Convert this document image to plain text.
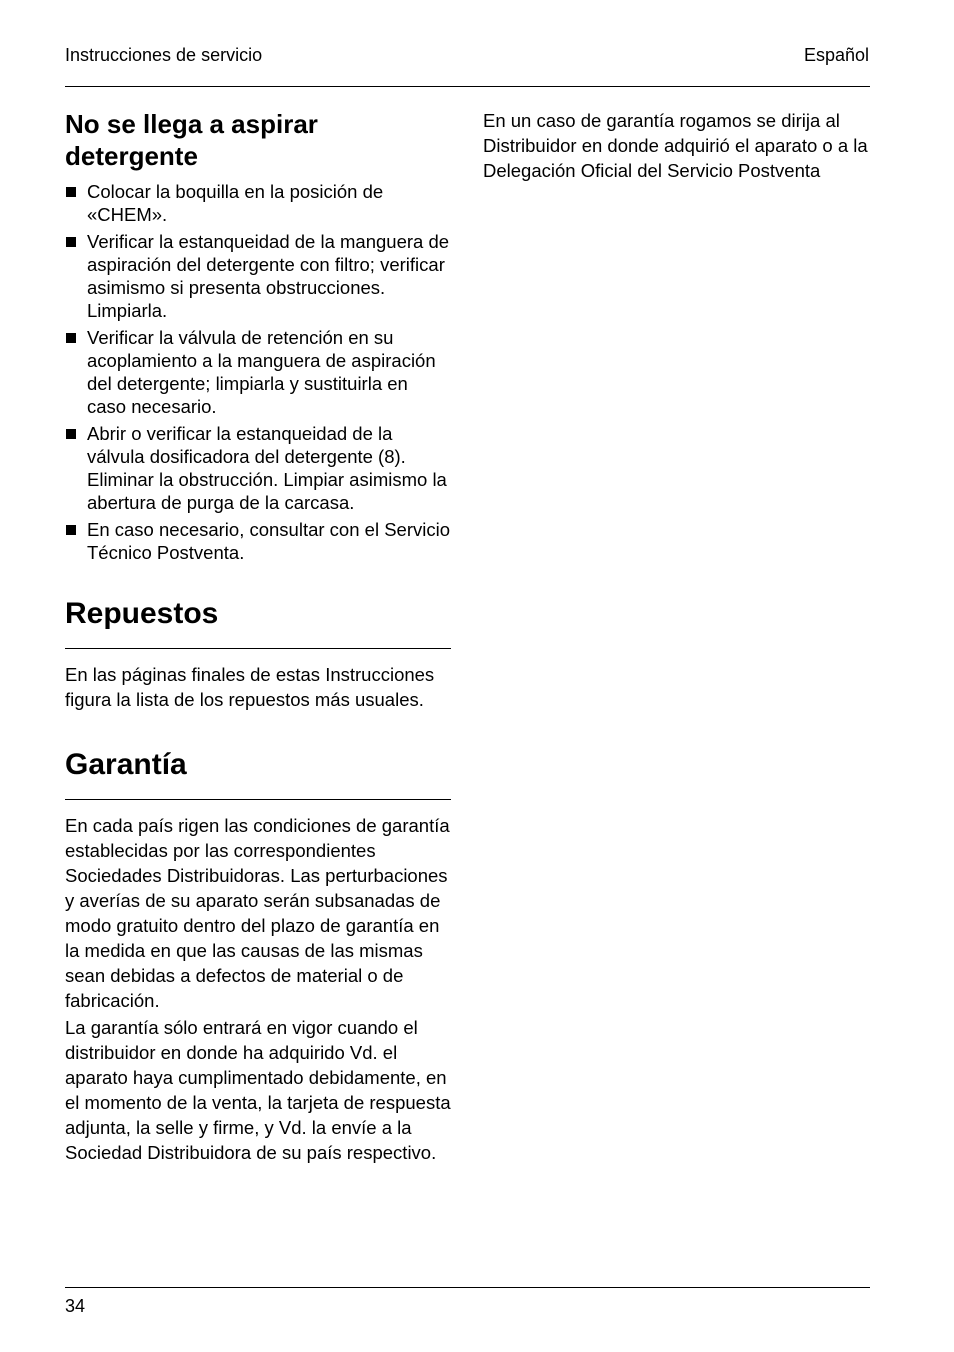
Instrucciones de servicio	Español
No se llega a aspirar detergente
Colocar la boquilla en la posición de «CHEM».
Verificar la estanqueidad de la manguera de aspiración del detergente con filtro; verificar asimismo si presenta obstrucciones. Limpiarla.
Verificar la válvula de retención en su acoplamiento a la manguera de aspiración del detergente; limpiarla y sustituirla en caso necesario.
Abrir o verificar la estanqueidad de la válvula dosificadora del detergente (8). Eliminar la obstrucción. Limpiar asimismo la abertura de purga de la carcasa.
En caso necesario, consultar con el Servicio Técnico Postventa.
Repuestos

En las páginas finales de estas Instrucciones figura la lista de los repuestos más usuales.

Garantía

En cada país rigen las condiciones de garantía establecidas por las correspondientes Sociedades Distribuidoras. Las perturbaciones y averías de su aparato serán subsanadas de modo gratuito dentro del plazo de garantía en la medida en que las causas de las mismas sean debidas a defectos de material o de fabricación.

La garantía sólo entrará en vigor cuando el distribuidor en donde ha adquirido Vd. el aparato haya cumplimentado debidamente, en el momento de la venta, la tarjeta de respuesta adjunta, la selle y firme, y Vd. la envíe a la Sociedad Distribuidora de su país respectivo.

En un caso de garantía rogamos se dirija al Distribuidor en donde adquirió el aparato o a la Delegación Oficial del Servicio Postventa

34
